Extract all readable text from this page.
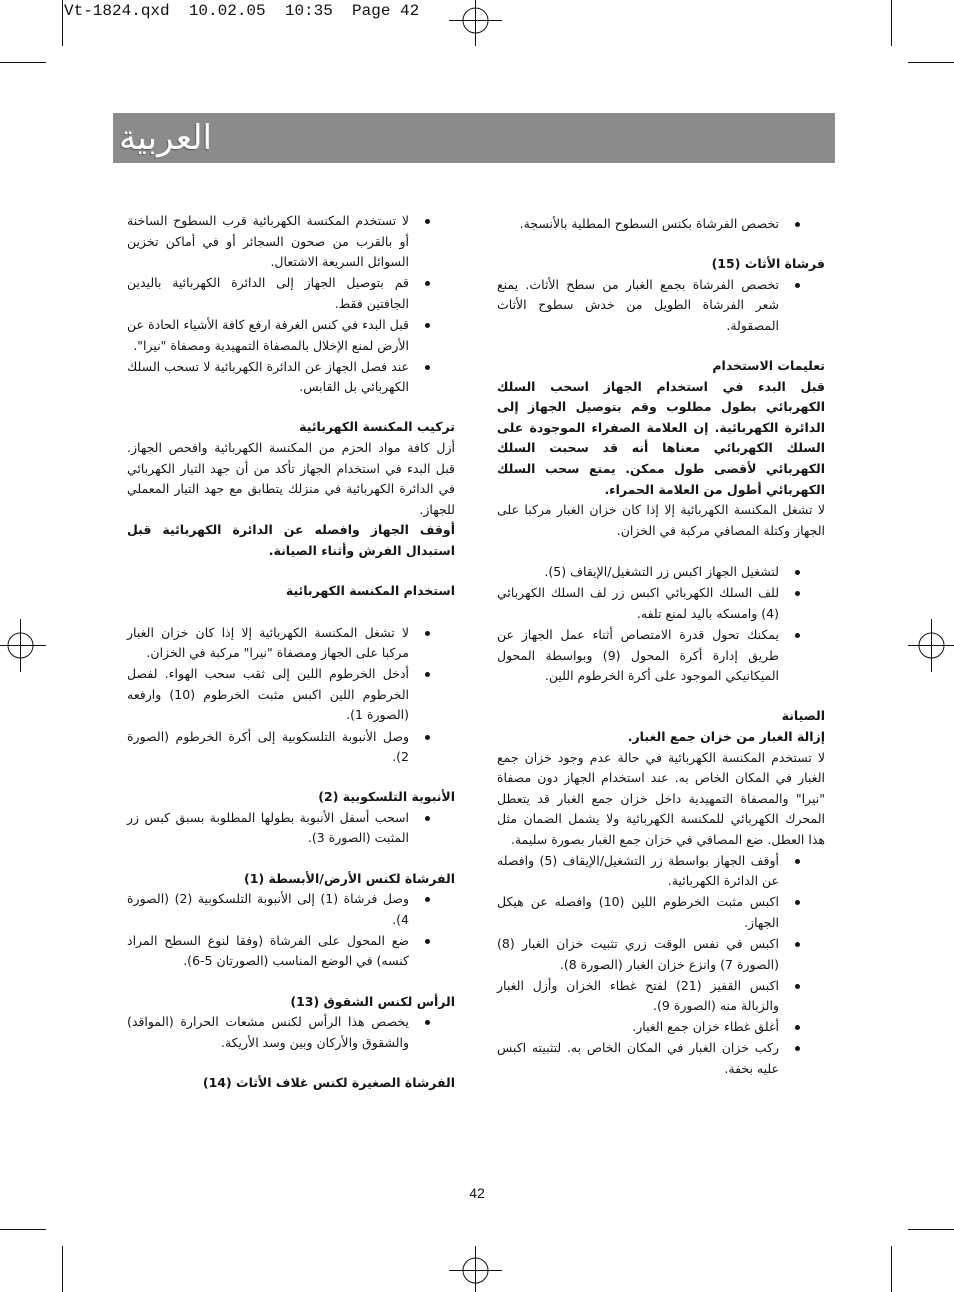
Vt-1824.qxd  10.02.05  10:35  Page 42
العربية
تخصص الفرشاة بكنس السطوح المطلية بالأنسجة.
فرشاة الأثاث (15)
تخصص الفرشاة بجمع الغبار من سطح الأثاث. يمنع شعر الفرشاة الطويل من خدش سطوح الأثاث المصقولة.
تعليمات الاستخدام

قبل البدء في استخدام الجهاز اسحب السلك الكهربائي بطول مطلوب وقم بتوصيل الجهاز إلى الدائرة الكهربائية. إن العلامة الصفراء الموجودة على السلك الكهربائي معناها أنه قد سحبت السلك الكهربائي لأقصى طول ممكن. يمنع سحب السلك الكهربائي أطول من العلامة الحمراء.

لا تشغل المكنسة الكهربائية إلا إذا كان خزان الغبار مركبا على الجهاز وكتلة المصافي مركبة في الخزان.

لتشغيل الجهاز اكبس زر التشغيل/الإيقاف (5).
للف السلك الكهربائي اكبس زر لف السلك الكهربائي (4) وامسكه باليد لمنع تلفه.
يمكنك تحول قدرة الامتصاص أثناء عمل الجهاز عن طريق إدارة أكرة المحول (9) وبواسطة المحول الميكانيكي الموجود على أكرة الخرطوم اللين.
الصيانة
إزالة الغبار من خزان جمع الغبار.

لا تستخدم المكنسة الكهربائية في حالة عدم وجود خزان جمع الغبار في المكان الخاص به. عند استخدام الجهاز دون مصفاة "نيرا" والمصفاة التمهيدية داخل خزان جمع الغبار قد يتعطل المحرك الكهربائي للمكنسة الكهربائية ولا يشمل الضمان مثل هذا العطل. ضع المصافي في خزان جمع الغبار بصورة سليمة.

أوقف الجهاز بواسطة زر التشغيل/الإيقاف (5) وافصله عن الدائرة الكهربائية.
اكبس مثبت الخرطوم اللين (10) وافصله عن هيكل الجهاز.
اكبس في نفس الوقت زري تثبيت خزان الغبار (8) (الصورة 7) وانزع خزان الغبار (الصورة 8).
اكبس القفيز (21) لفتح غطاء الخزان وأزل الغبار والزبالة منه (الصورة 9).
أغلق غطاء خزان جمع الغبار.
ركب خزان الغبار في المكان الخاص به. لتثبيته اكبس عليه بخفة.
لا تستخدم المكنسة الكهربائية قرب السطوح الساخنة أو بالقرب من صحون السجائر أو في أماكن تخزين السوائل السريعة الاشتعال.
قم بتوصيل الجهاز إلى الدائرة الكهربائية باليدين الجافتين فقط.
قبل البدء في كنس الغرفة ارفع كافة الأشياء الحادة عن الأرض لمنع الإخلال بالمصفاة التمهيدية ومصفاة "نيرا".
عند فصل الجهاز عن الدائرة الكهربائية لا تسحب السلك الكهربائي بل القابس.
تركيب المكنسة الكهربائية

أزل كافة مواد الحزم من المكنسة الكهربائية وافحص الجهاز. قبل البدء في استخدام الجهاز تأكد من أن جهد التيار الكهربائي في الدائرة الكهربائية في منزلك يتطابق مع جهد التيار المعملي للجهاز.

أوقف الجهاز وافصله عن الدائرة الكهربائية قبل استبدال الفرش وأثناء الصيانة.

استخدام المكنسة الكهربائية
لا تشغل المكنسة الكهربائية إلا إذا كان خزان الغبار مركبا على الجهاز ومصفاة "نيرا" مركبة في الخزان.
أدخل الخرطوم اللين إلى ثقب سحب الهواء. لفصل الخرطوم اللين اكبس مثبت الخرطوم (10) وارفعه (الصورة 1).
وصل الأنبوبة التلسكوبية إلى أكرة الخرطوم (الصورة 2).
الأنبوبة التلسكوبية (2)
اسحب أسفل الأنبوبة بطولها المطلوبة بسبق كبس زر المثبت (الصورة 3).
الفرشاة لكنس الأرض/الأبسطة (1)
وصل فرشاة (1) إلى الأنبوبة التلسكوبية (2) (الصورة 4).
ضع المحول على الفرشاة (وفقا لنوع السطح المراد كنسه) في الوضع المناسب (الصورتان 5-6).
الرأس لكنس الشقوق (13)
يخصص هذا الرأس لكنس مشعات الحرارة (المواقد) والشقوق والأركان وبين وسد الأريكة.
الفرشاة الصغيرة لكنس غلاف الأثاث (14)
42
